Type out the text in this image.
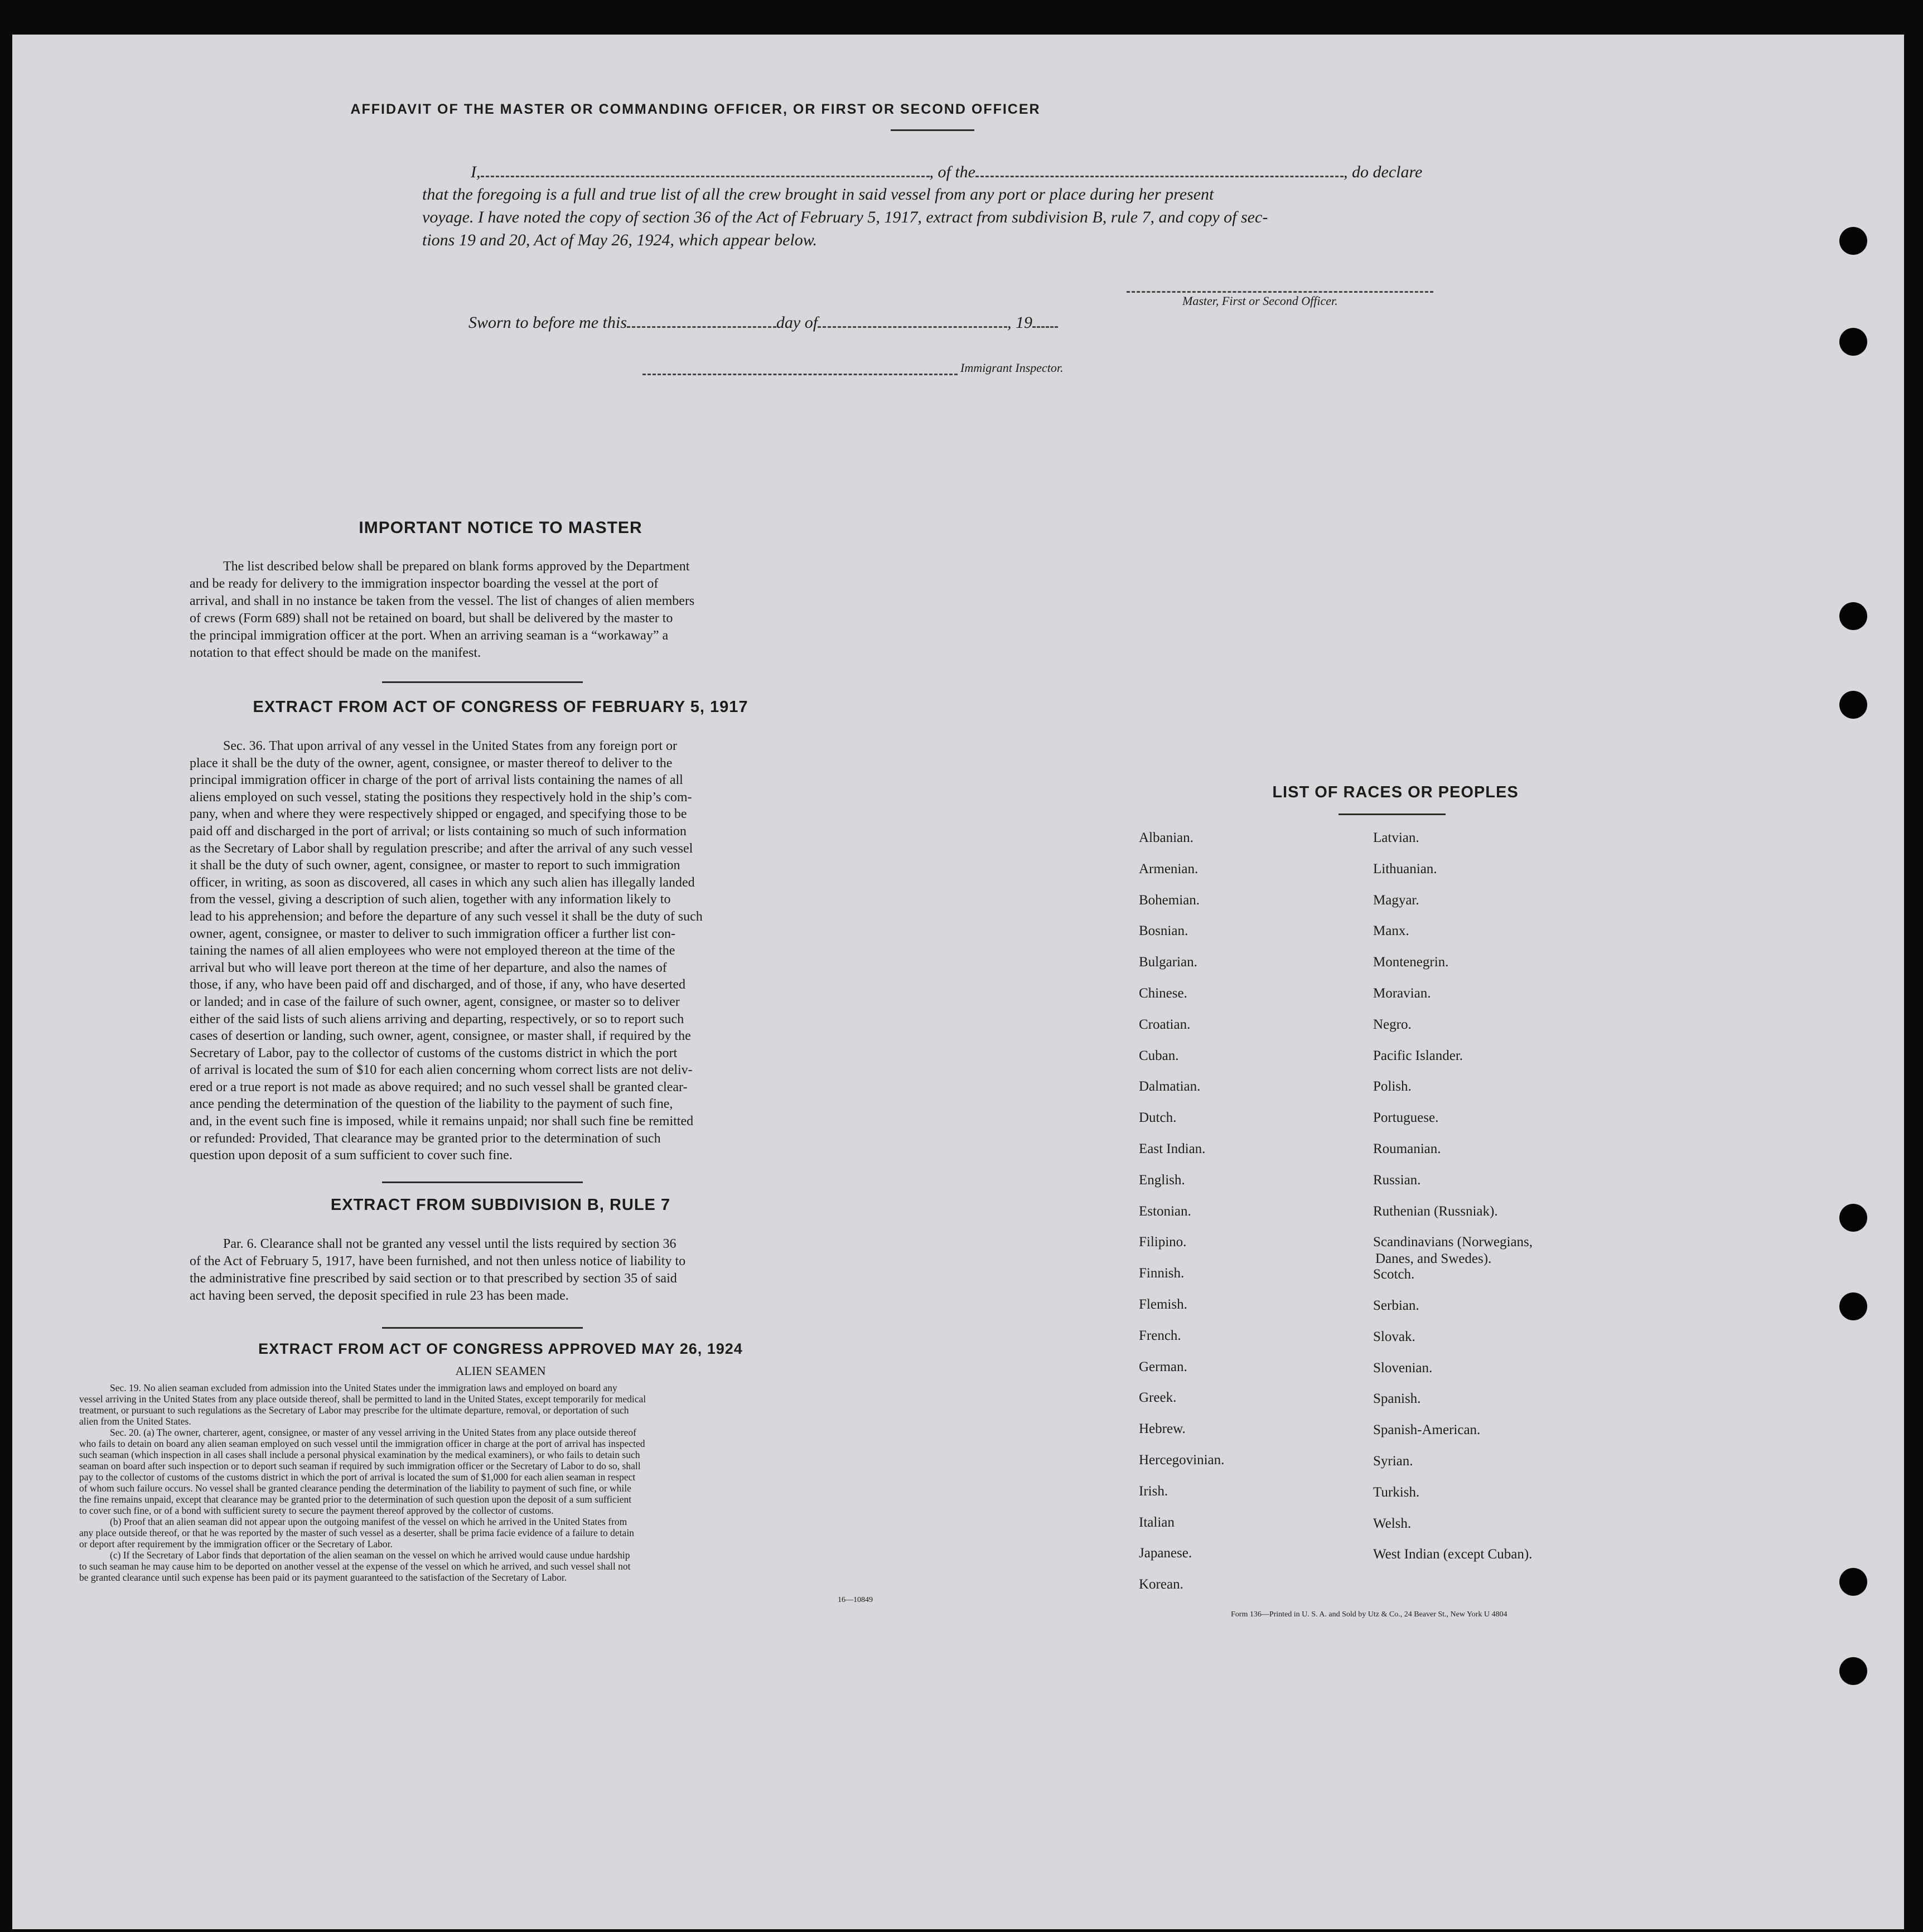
AFFIDAVIT OF THE MASTER OR COMMANDING OFFICER, OR FIRST OR SECOND OFFICER
I,	, of the	, do declare
that the foregoing is a full and true list of all the crew brought in said vessel from any port or place during her present
voyage. I have noted the copy of section 36 of the Act of February 5, 1917, extract from subdivision B, rule 7, and copy of sec-
tions 19 and 20, Act of May 26, 1924, which appear below.
Master, First or Second Officer.
Sworn to before me this	day of	, 19
Immigrant Inspector.
IMPORTANT NOTICE TO MASTER
The list described below shall be prepared on blank forms approved by the Department
and be ready for delivery to the immigration inspector boarding the vessel at the port of
arrival, and shall in no instance be taken from the vessel. The list of changes of alien members
of crews (Form 689) shall not be retained on board, but shall be delivered by the master to
the principal immigration officer at the port. When an arriving seaman is a “workaway” a
notation to that effect should be made on the manifest.
EXTRACT FROM ACT OF CONGRESS OF FEBRUARY 5, 1917
Sec. 36. That upon arrival of any vessel in the United States from any foreign port or
place it shall be the duty of the owner, agent, consignee, or master thereof to deliver to the
principal immigration officer in charge of the port of arrival lists containing the names of all
aliens employed on such vessel, stating the positions they respectively hold in the ship’s com-
pany, when and where they were respectively shipped or engaged, and specifying those to be
paid off and discharged in the port of arrival; or lists containing so much of such information
as the Secretary of Labor shall by regulation prescribe; and after the arrival of any such vessel
it shall be the duty of such owner, agent, consignee, or master to report to such immigration
officer, in writing, as soon as discovered, all cases in which any such alien has illegally landed
from the vessel, giving a description of such alien, together with any information likely to
lead to his apprehension; and before the departure of any such vessel it shall be the duty of such
owner, agent, consignee, or master to deliver to such immigration officer a further list con-
taining the names of all alien employees who were not employed thereon at the time of the
arrival but who will leave port thereon at the time of her departure, and also the names of
those, if any, who have been paid off and discharged, and of those, if any, who have deserted
or landed; and in case of the failure of such owner, agent, consignee, or master so to deliver
either of the said lists of such aliens arriving and departing, respectively, or so to report such
cases of desertion or landing, such owner, agent, consignee, or master shall, if required by the
Secretary of Labor, pay to the collector of customs of the customs district in which the port
of arrival is located the sum of $10 for each alien concerning whom correct lists are not deliv-
ered or a true report is not made as above required; and no such vessel shall be granted clear-
ance pending the determination of the question of the liability to the payment of such fine,
and, in the event such fine is imposed, while it remains unpaid; nor shall such fine be remitted
or refunded: Provided, That clearance may be granted prior to the determination of such
question upon deposit of a sum sufficient to cover such fine.
EXTRACT FROM SUBDIVISION B, RULE 7
Par. 6. Clearance shall not be granted any vessel until the lists required by section 36
of the Act of February 5, 1917, have been furnished, and not then unless notice of liability to
the administrative fine prescribed by said section or to that prescribed by section 35 of said
act having been served, the deposit specified in rule 23 has been made.
EXTRACT FROM ACT OF CONGRESS APPROVED MAY 26, 1924
ALIEN SEAMEN
Sec. 19. No alien seaman excluded from admission into the United States under the immigration laws and employed on board any
vessel arriving in the United States from any place outside thereof, shall be permitted to land in the United States, except temporarily for medical
treatment, or pursuant to such regulations as the Secretary of Labor may prescribe for the ultimate departure, removal, or deportation of such
alien from the United States.
Sec. 20. (a) The owner, charterer, agent, consignee, or master of any vessel arriving in the United States from any place outside thereof
who fails to detain on board any alien seaman employed on such vessel until the immigration officer in charge at the port of arrival has inspected
such seaman (which inspection in all cases shall include a personal physical examination by the medical examiners), or who fails to detain such
seaman on board after such inspection or to deport such seaman if required by such immigration officer or the Secretary of Labor to do so, shall
pay to the collector of customs of the customs district in which the port of arrival is located the sum of $1,000 for each alien seaman in respect
of whom such failure occurs. No vessel shall be granted clearance pending the determination of the liability to payment of such fine, or while
the fine remains unpaid, except that clearance may be granted prior to the determination of such question upon the deposit of a sum sufficient
to cover such fine, or of a bond with sufficient surety to secure the payment thereof approved by the collector of customs.
(b) Proof that an alien seaman did not appear upon the outgoing manifest of the vessel on which he arrived in the United States from
any place outside thereof, or that he was reported by the master of such vessel as a deserter, shall be prima facie evidence of a failure to detain
or deport after requirement by the immigration officer or the Secretary of Labor.
(c) If the Secretary of Labor finds that deportation of the alien seaman on the vessel on which he arrived would cause undue hardship
to such seaman he may cause him to be deported on another vessel at the expense of the vessel on which he arrived, and such vessel shall not
be granted clearance until such expense has been paid or its payment guaranteed to the satisfaction of the Secretary of Labor.
16—10849
LIST OF RACES OR PEOPLES
Albanian.
Armenian.
Bohemian.
Bosnian.
Bulgarian.
Chinese.
Croatian.
Cuban.
Dalmatian.
Dutch.
East Indian.
English.
Estonian.
Filipino.
Finnish.
Flemish.
French.
German.
Greek.
Hebrew.
Hercegovinian.
Irish.
Italian
Japanese.
Korean.
Latvian.
Lithuanian.
Magyar.
Manx.
Montenegrin.
Moravian.
Negro.
Pacific Islander.
Polish.
Portuguese.
Roumanian.
Russian.
Ruthenian (Russniak).
Scandinavians (Norwegians,
Danes, and Swedes).
Scotch.
Serbian.
Slovak.
Slovenian.
Spanish.
Spanish-American.
Syrian.
Turkish.
Welsh.
West Indian (except Cuban).
Form 136—Printed in U. S. A. and Sold by Utz & Co., 24 Beaver St., New York U 4804
